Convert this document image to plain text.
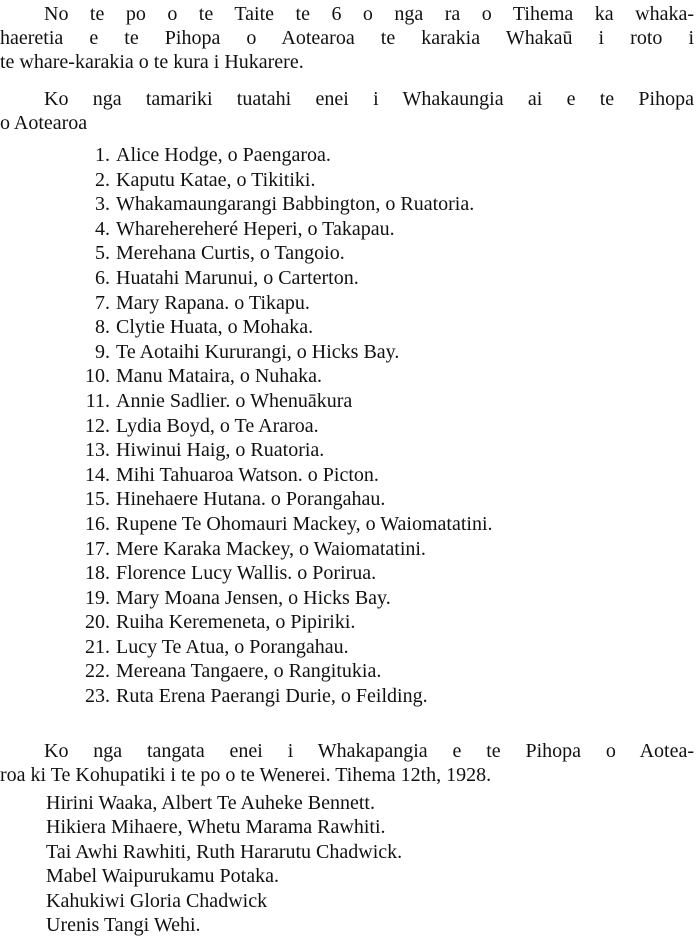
No te po o te Taite te 6 o nga ra o Tihema ka whaka-
haeretia e te Pihopa o Aotearoa te karakia Whakaū i roto i
te whare-karakia o te kura i Hukarere.

Ko nga tamariki tuatahi enei i Whakaungia ai e te Pihopa
o Aotearoa

1. Alice Hodge, o Paengaroa.
2. Kaputu Katae, o Tikitiki.
3. Whakamaungarangi Babbington, o Ruatoria.
4. Wharehereheré Heperi, o Takapau.
5. Merehana Curtis, o Tangoio.
6. Huatahi Marunui, o Carterton.
7. Mary Rapana. o Tikapu.
8. Clytie Huata, o Mohaka.
9. Te Aotaihi Kururangi, o Hicks Bay.
10. Manu Mataira, o Nuhaka.
11. Annie Sadlier. o Whenuākura
12. Lydia Boyd, o Te Araroa.
13. Hiwinui Haig, o Ruatoria.
14. Mihi Tahuaroa Watson. o Picton.
15. Hinehaere Hutana. o Porangahau.
16. Rupene Te Ohomauri Mackey, o Waiomatatini.
17. Mere Karaka Mackey, o Waiomatatini.
18. Florence Lucy Wallis. o Porirua.
19. Mary Moana Jensen, o Hicks Bay.
20. Ruiha Keremeneta, o Pipiriki.
21. Lucy Te Atua, o Porangahau.
22. Mereana Tangaere, o Rangitukia.
23. Ruta Erena Paerangi Durie, o Feilding.

Ko nga tangata enei i Whakapangia e te Pihopa o Aotea-
roa ki Te Kohupatiki i te po o te Wenerei. Tihema 12th, 1928.

Hirini Waaka, Albert Te Auheke Bennett.
Hikiera Mihaere, Whetu Marama Rawhiti.
Tai Awhi Rawhiti, Ruth Hararutu Chadwick.
Mabel Waipurukamu Potaka.
Kahukiwi Gloria Chadwick
Urenis Tangi Wehi.
